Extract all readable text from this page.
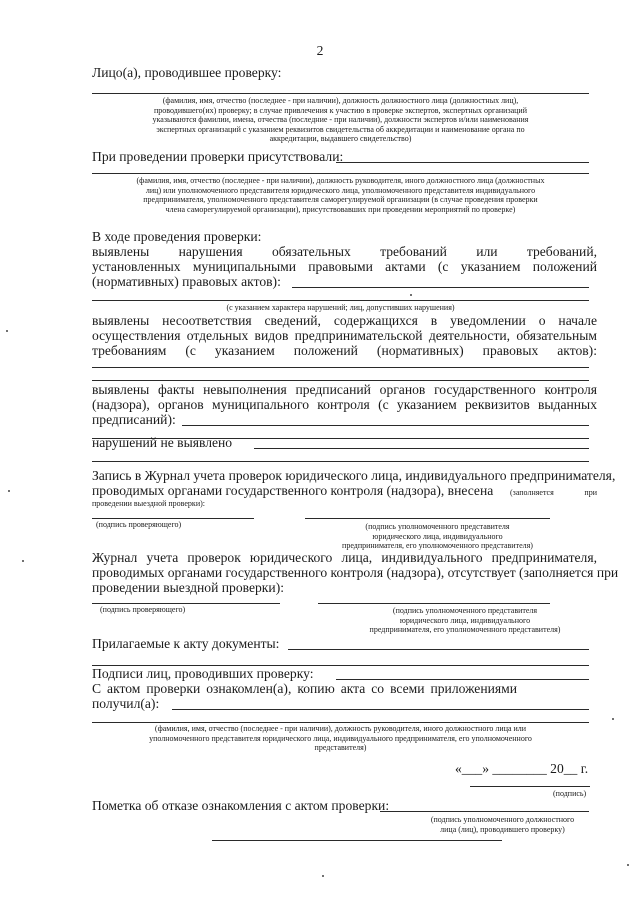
2
Лицо(а), проводившее проверку:
(фамилия, имя, отчество (последнее - при наличии), должность должностного лица (должностных лиц),
проводившего(их) проверку; в случае привлечения к участию в проверке экспертов, экспертных организаций
указываются фамилии, имена, отчества (последние - при наличии), должности экспертов и/или наименования
экспертных организаций с указанием реквизитов свидетельства об аккредитации и наименование органа по
аккредитации, выдавшего свидетельство)
При проведении проверки присутствовали:
(фамилия, имя, отчество (последнее - при наличии), должность руководителя, иного должностного лица (должностных
лиц) или уполномоченного представителя юридического лица, уполномоченного представителя индивидуального
предпринимателя, уполномоченного представителя саморегулируемой организации (в случае проведения проверки
члена саморегулируемой организации), присутствовавших при проведении мероприятий по проверке)
В ходе проведения проверки:
выявлены нарушения обязательных требований или требований,
установленных муниципальными правовыми актами (с указанием положений
(нормативных) правовых актов):
(с указанием характера нарушений; лиц, допустивших нарушения)
выявлены несоответствия сведений, содержащихся в уведомлении о начале
осуществления отдельных видов предпринимательской деятельности, обязательным
требованиям (с указанием положений (нормативных) правовых актов):
выявлены факты невыполнения предписаний органов государственного контроля
(надзора), органов муниципального контроля (с указанием реквизитов выданных
предписаний):
нарушений не выявлено
Запись в Журнал учета проверок юридического лица, индивидуального предпринимателя,
проводимых органами государственного контроля (надзора), внесена (заполняется при
проведении выездной проверки):
(подпись проверяющего)	(подпись уполномоченного представителя
юридического лица, индивидуального
предпринимателя, его уполномоченного представителя)
Журнал учета проверок юридического лица, индивидуального предпринимателя,
проводимых органами государственного контроля (надзора), отсутствует (заполняется при
проведении выездной проверки):
(подпись проверяющего)	(подпись уполномоченного представителя
юридического лица, индивидуального
предпринимателя, его уполномоченного представителя)
Прилагаемые к акту документы:
Подписи лиц, проводивших проверку:
С актом проверки ознакомлен(а), копию акта со всеми приложениями
получил(а):
(фамилия, имя, отчество (последнее - при наличии), должность руководителя, иного должностного лица или
уполномоченного представителя юридического лица, индивидуального предпринимателя, его уполномоченного
представителя)
«___» ________ 20__ г.
(подпись)
Пометка об отказе ознакомления с актом проверки:
(подпись уполномоченного должностного
лица (лиц), проводившего проверку)
